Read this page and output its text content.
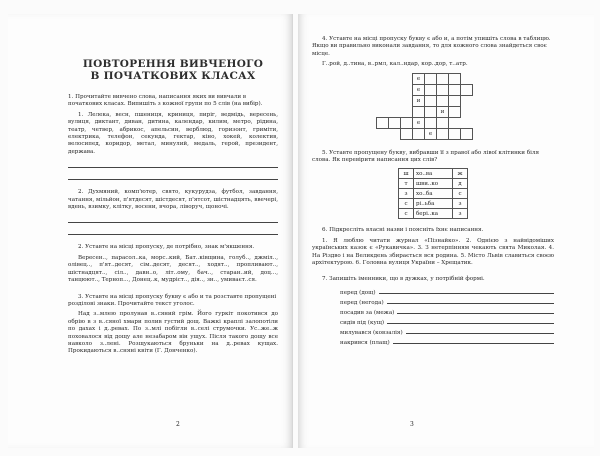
ПОВТОРЕННЯ ВИВЧЕНОГО
В ПОЧАТКОВИХ КЛАСАХ

1. Прочитайте вивчено слова, написання яких ви вивчали в початкових класах. Випишіть з кожної групи по 5 слів (на вибір).

1. Лелека, весн, пшениця, криниця, пиріг, ведмідь, вересень, вулиця, диктант, диван, дитина, календар, килим, метро, рідина, театр, четвер, абрикос, апельсин, верблюд, горизонт, гриміти, електрика, телефон, секунда, гектар, кіно, хокей, колектив, велосипед, коридор, метал, минулий, медаль, герой, президент, держава.

2. Духмяний, комп'ютер, свято, кукурудза, футбол, завдання, чатання, мільйон, п'ятдесят, шістдесят, п'ятсот, шістнадцять, ввечері, вдень, взимку, клітку, восени, вчора, ліворуч, щоночі.

2. Уставте на місці пропуску, де потрібно, знак м'якшення.

Вересен.., парасол..ка, морс..кий, Бат..ківщина, голуб.., джміл.., олівец.., п'ят..десят, сім..десят, десят.., ходят.., пропливают.., шістнадцят.., сіл.., давн..о, літ..ому, бач.., старан..ий, доц..., танцюют.., Терноп..., Донец..к, мудріст.., дія.., зн.., умиваєт..ся.

3. Уставте на місці пропуску букву є або и та розставте пропущені розділові знаки. Прочитайте текст уголос.

Над з..млею пролунав в..сяний грім. Його гуркіт покотився до обрію в з в..сяної хмари полив густий дощ. Важкі краплі залопотіли по дахах і д..ревах. По з..млі побігли в..селі струмочки. Ус..же..ж поховалося від дощу але незабаром він ущух. Після такого дощу все навколо з..лені. Розщукаються бруньки на д..ревах кущах. Прокидаються в..сняні квіти (Г. Донченко).

2

4. Уставте на місці пропуску букву є або и, а потім упишіть слова в таблицю. Якщо ви правильно виконали завдання, то для кожного слова знайдеться своє місце.

Г..рой, д..тина, в..рмл, кал..ндар, кор..дор, т..атр.

			е				
			е				
			и				
					и		
			е				
				е			

5. Уставте пропущену букву, вибравши її з правої або лівої клітинки біля слова. Як перевірити написання цих слів?

ш	хо..ва	ж
т	шви..ко	д
з	хо..ба	с
с	рі..ьба	з
с	бері..ка	з

6. Підкресліть власні назви і поясніть їхнє написання.

1. Я люблю читати журнал «Пізнайко». 2. Однією з найвідоміших українських казок є «Рукавичка». 3. З нетерпінням чекають свята Миколая. 4. На Різдво і на Великдень збирається вся родина. 5. Місто Львів славиться своєю архітектурою. 6. Головна вулиця України – Хрещатик.

7. Запишіть іменники, що в дужках, у потрібній формі.

перед (дощ)
перед (негода)
посадив за (межа)
сидів під (кущ)
милувався (ковзалія)
накрився (плащ)
3
